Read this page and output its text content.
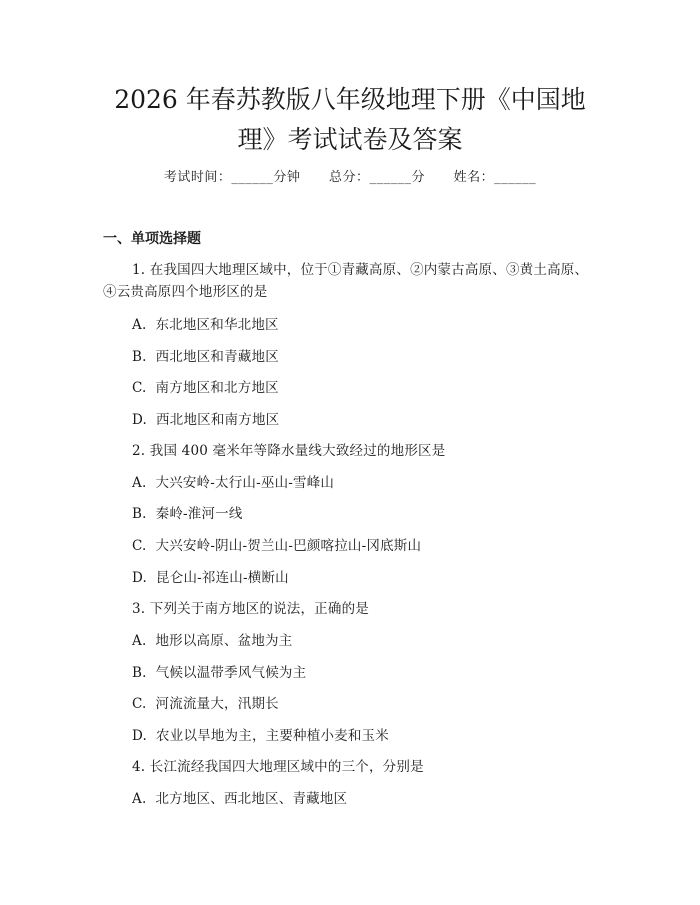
2026 年春苏教版八年级地理下册《中国地
理》考试试卷及答案
考试时间：______分钟 总分：______分 姓名：______
一、单项选择题
1. 在我国四大地理区域中，位于①青藏高原、②内蒙古高原、③黄土高原、
④云贵高原四个地形区的是
A. 东北地区和华北地区
B. 西北地区和青藏地区
C. 南方地区和北方地区
D. 西北地区和南方地区
2. 我国 400 毫米年等降水量线大致经过的地形区是
A. 大兴安岭-太行山-巫山-雪峰山
B. 秦岭-淮河一线
C. 大兴安岭-阴山-贺兰山-巴颜喀拉山-冈底斯山
D. 昆仑山-祁连山-横断山
3. 下列关于南方地区的说法，正确的是
A. 地形以高原、盆地为主
B. 气候以温带季风气候为主
C. 河流流量大，汛期长
D. 农业以旱地为主，主要种植小麦和玉米
4. 长江流经我国四大地理区域中的三个，分别是
A. 北方地区、西北地区、青藏地区
